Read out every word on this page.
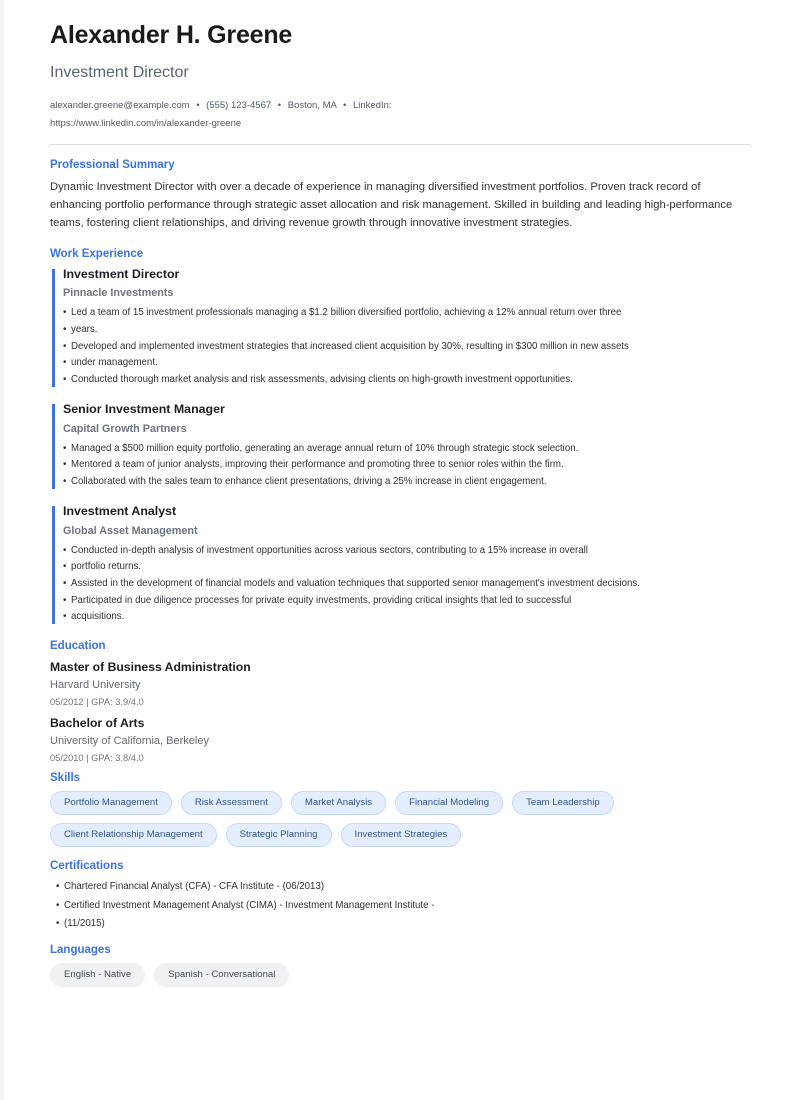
Alexander H. Greene
Investment Director
alexander.greene@example.com • (555) 123-4567 • Boston, MA • LinkedIn: https://www.linkedin.com/in/alexander-greene
Professional Summary

Dynamic Investment Director with over a decade of experience in managing diversified investment portfolios. Proven track record of enhancing portfolio performance through strategic asset allocation and risk management. Skilled in building and leading high-performance teams, fostering client relationships, and driving revenue growth through innovative investment strategies.

Work Experience
Investment Director
Pinnacle Investments
• Led a team of 15 investment professionals managing a $1.2 billion diversified portfolio, achieving a 12% annual return over three
• years.
• Developed and implemented investment strategies that increased client acquisition by 30%, resulting in $300 million in new assets
• under management.
• Conducted thorough market analysis and risk assessments, advising clients on high-growth investment opportunities.
Senior Investment Manager
Capital Growth Partners
• Managed a $500 million equity portfolio, generating an average annual return of 10% through strategic stock selection.
• Mentored a team of junior analysts, improving their performance and promoting three to senior roles within the firm.
• Collaborated with the sales team to enhance client presentations, driving a 25% increase in client engagement.
Investment Analyst
Global Asset Management
• Conducted in-depth analysis of investment opportunities across various sectors, contributing to a 15% increase in overall
• portfolio returns.
• Assisted in the development of financial models and valuation techniques that supported senior management's investment decisions.
• Participated in due diligence processes for private equity investments, providing critical insights that led to successful
• acquisitions.
Education
Master of Business Administration
Harvard University
05/2012 | GPA: 3.9/4.0
Bachelor of Arts
University of California, Berkeley
05/2010 | GPA: 3.8/4.0
Skills
Portfolio Management	Risk Assessment	Market Analysis	Financial Modeling	Team Leadership
Client Relationship Management	Strategic Planning	Investment Strategies
Certifications
• Chartered Financial Analyst (CFA) - CFA Institute - (06/2013)
• Certified Investment Management Analyst (CIMA) - Investment Management Institute -
• (11/2015)
Languages
English - Native	Spanish - Conversational
